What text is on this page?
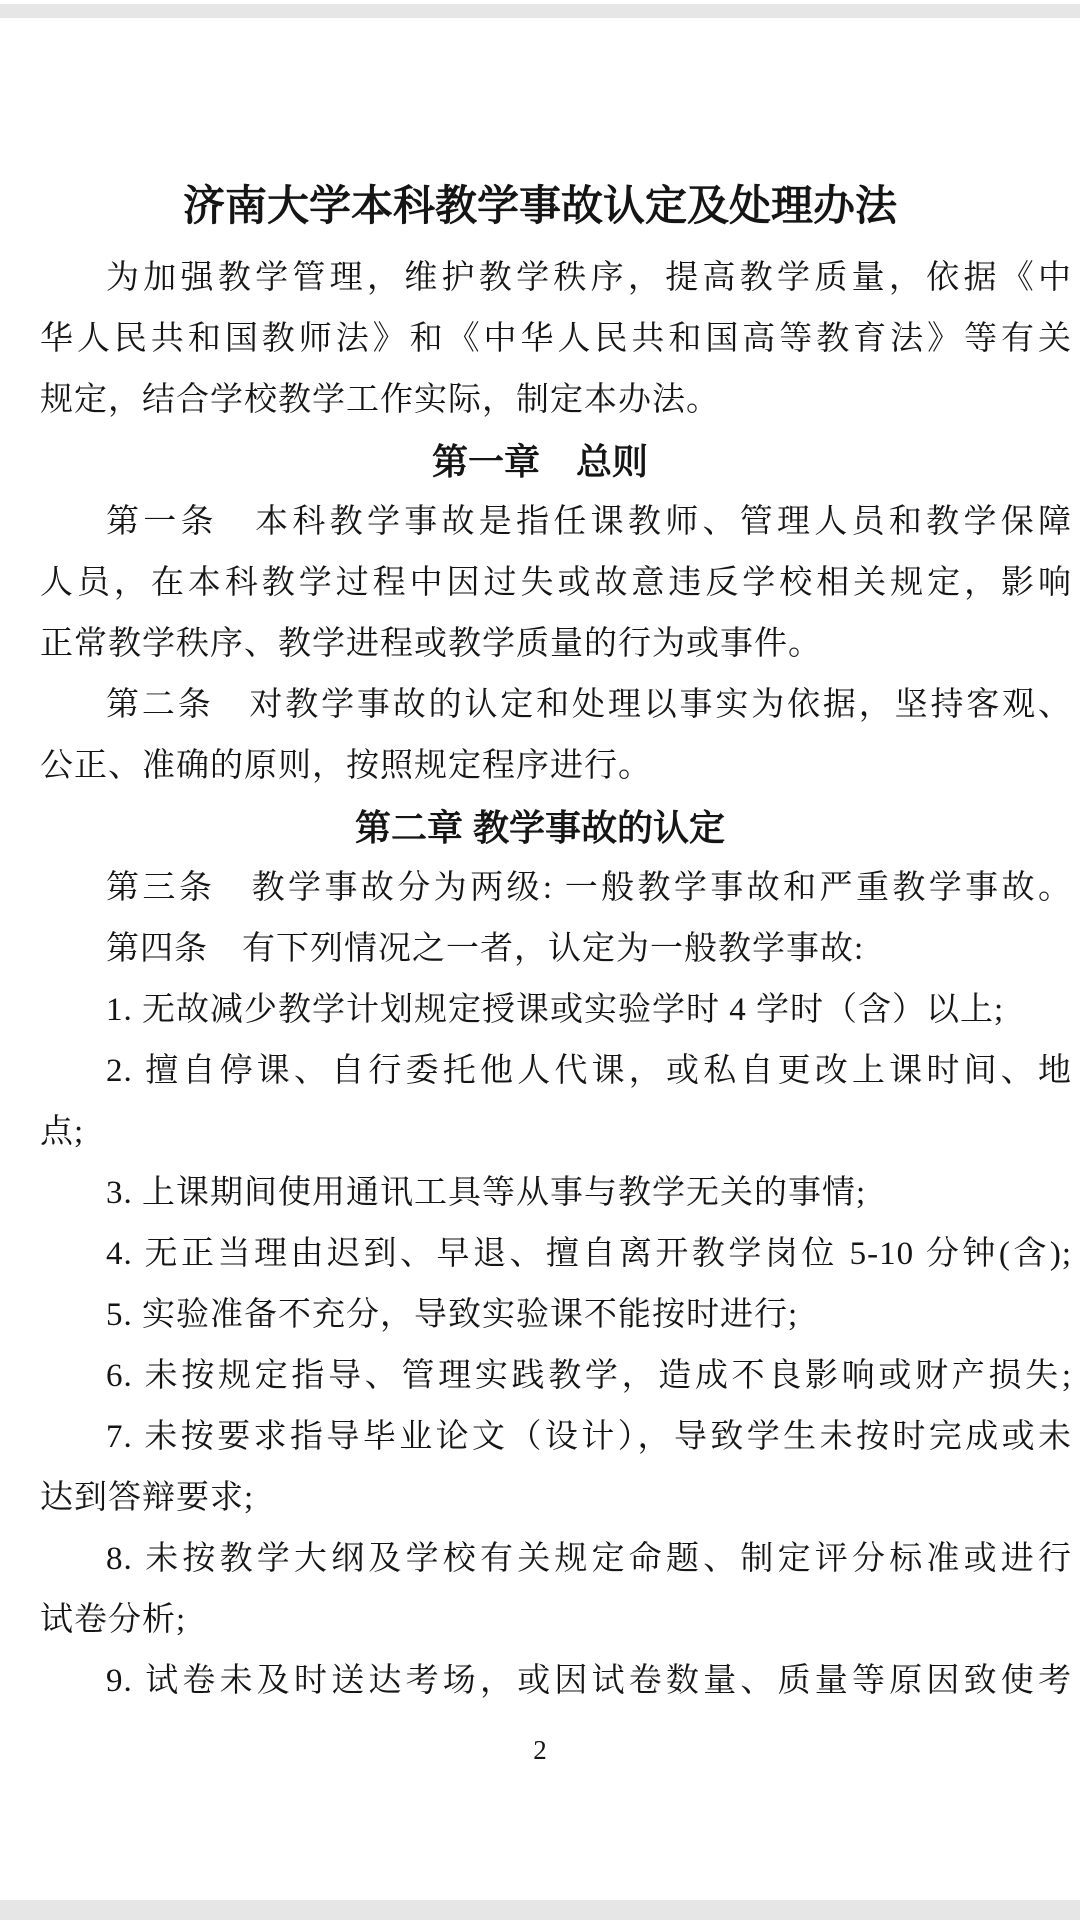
济南大学本科教学事故认定及处理办法
为加强教学管理，维护教学秩序，提高教学质量，依据《中
华人民共和国教师法》和《中华人民共和国高等教育法》等有关
规定，结合学校教学工作实际，制定本办法。
第一章　总则
第一条　本科教学事故是指任课教师、管理人员和教学保障
人员，在本科教学过程中因过失或故意违反学校相关规定，影响
正常教学秩序、教学进程或教学质量的行为或事件。
第二条　对教学事故的认定和处理以事实为依据，坚持客观、
公正、准确的原则，按照规定程序进行。
第二章 教学事故的认定
第三条　教学事故分为两级: 一般教学事故和严重教学事故。
第四条　有下列情况之一者，认定为一般教学事故:
1. 无故减少教学计划规定授课或实验学时 4 学时（含）以上;
2. 擅自停课、自行委托他人代课，或私自更改上课时间、地
点;
3. 上课期间使用通讯工具等从事与教学无关的事情;
4. 无正当理由迟到、早退、擅自离开教学岗位 5-10 分钟(含);
5. 实验准备不充分，导致实验课不能按时进行;
6. 未按规定指导、管理实践教学，造成不良影响或财产损失;
7. 未按要求指导毕业论文（设计），导致学生未按时完成或未
达到答辩要求;
8. 未按教学大纲及学校有关规定命题、制定评分标准或进行
试卷分析;
9. 试卷未及时送达考场，或因试卷数量、质量等原因致使考
2
